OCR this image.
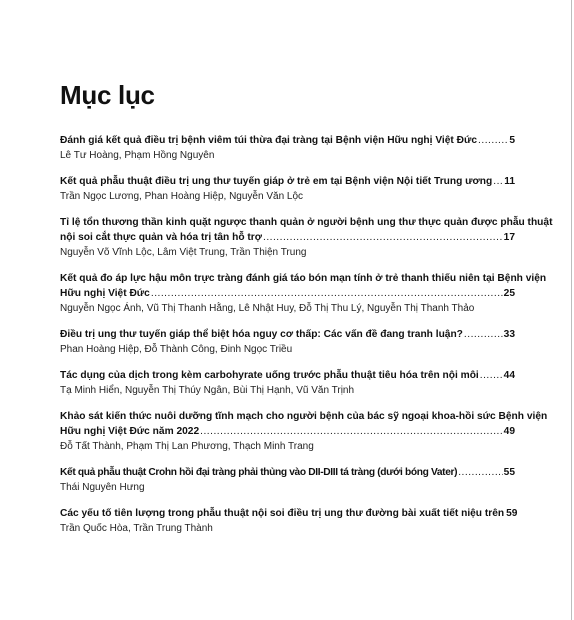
Mục lục
Đánh giá kết quả điều trị bệnh viêm túi thừa đại tràng tại Bệnh viện Hữu nghị Việt Đức .....	5
Lê Tư Hoàng, Phạm Hồng Nguyên
Kết quả phẫu thuật điều trị ung thư tuyến giáp ở trẻ em tại Bệnh viện Nội tiết Trung ương ..... 11
Trần Ngọc Lương, Phan Hoàng Hiệp, Nguyễn Văn Lộc
Tỉ lệ tổn thương thần kinh quặt ngược thanh quản ở người bệnh ung thư thực quản được phẫu thuật
nội soi cắt thực quản và hóa trị tân hỗ trợ .....	17
Nguyễn Võ Vĩnh Lộc, Lâm Việt Trung, Trần Thiện Trung
Kết quả đo áp lực hậu môn trực tràng đánh giá táo bón mạn tính ở trẻ thanh thiếu niên tại Bệnh viện
Hữu nghị Việt Đức .....	25
Nguyễn Ngọc Ánh, Vũ Thị Thanh Hằng, Lê Nhật Huy, Đỗ Thị Thu Lý, Nguyễn Thị Thanh Thảo
Điều trị ung thư tuyến giáp thể biệt hóa nguy cơ thấp: Các vấn đề đang tranh luận? .....	33
Phan Hoàng Hiệp, Đỗ Thành Công, Đinh Ngọc Triều
Tác dụng của dịch trong kèm carbohyrate uống trước phẫu thuật tiêu hóa trên nội môi ..... 44
Tạ Minh Hiển, Nguyễn Thị Thúy Ngân, Bùi Thị Hạnh, Vũ Văn Trịnh
Khảo sát kiến thức nuôi dưỡng tĩnh mạch cho người bệnh của bác sỹ ngoại khoa-hồi sức Bệnh viện
Hữu nghị Việt Đức năm 2022 .....	49
Đỗ Tất Thành, Phạm Thị Lan Phương, Thạch Minh Trang
Kết quả phẫu thuật Crohn hồi đại tràng phải thủng vào DII-DIII tá tràng (dưới bóng Vater) .....	55
Thái Nguyên Hưng
Các yếu tố tiên lượng trong phẫu thuật nội soi điều trị ung thư đường bài xuất tiết niệu trên 59
Trần Quốc Hòa, Trần Trung Thành
